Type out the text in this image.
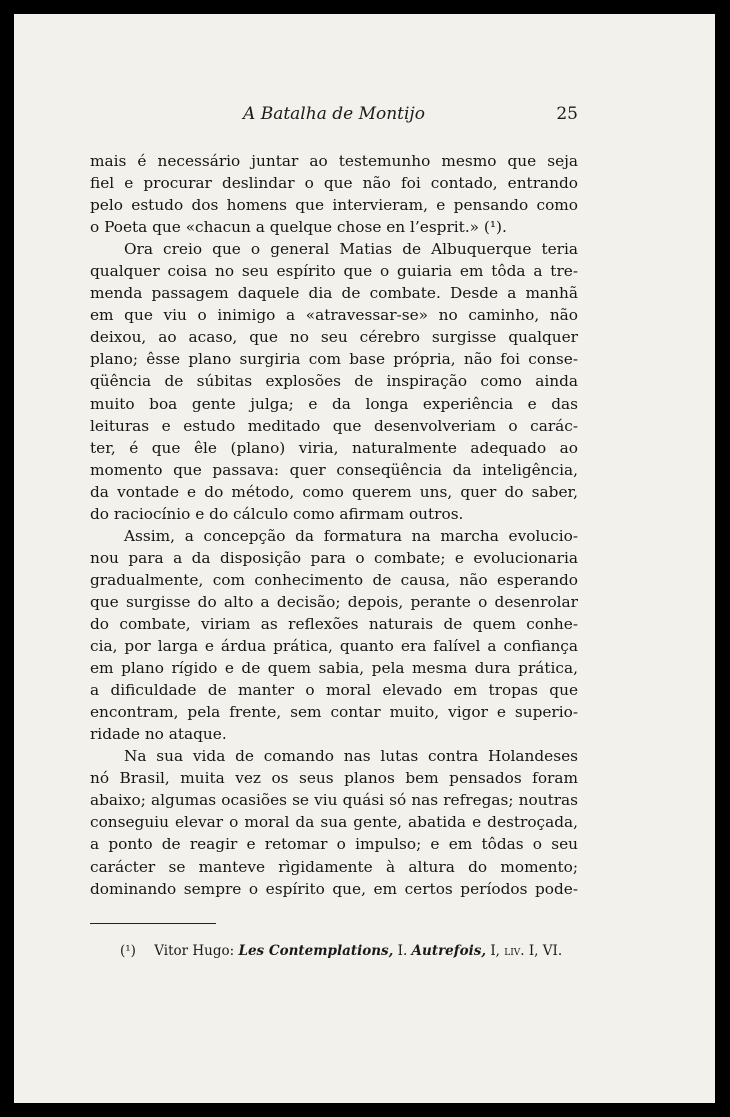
A Batalha de Montijo	25
mais é necessário juntar ao testemunho mesmo que seja
fiel e procurar deslindar o que não foi contado, entrando
pelo estudo dos homens que intervieram, e pensando como
o Poeta que «chacun a quelque chose en l’esprit.» (¹).
Ora creio que o general Matias de Albuquerque teria
qualquer coisa no seu espírito que o guiaria em tôda a tre-
menda passagem daquele dia de combate. Desde a manhã
em que viu o inimigo a «atravessar-se» no caminho, não
deixou, ao acaso, que no seu cérebro surgisse qualquer
plano; êsse plano surgiria com base própria, não foi conse-
qüência de súbitas explosões de inspiração como ainda
muito boa gente julga; e da longa experiência e das
leituras e estudo meditado que desenvolveriam o carác-
ter, é que êle (plano) viria, naturalmente adequado ao
momento que passava: quer conseqüência da inteligência,
da vontade e do método, como querem uns, quer do saber,
do raciocínio e do cálculo como afirmam outros.
Assim, a concepção da formatura na marcha evolucio-
nou para a da disposição para o combate; e evolucionaria
gradualmente, com conhecimento de causa, não esperando
que surgisse do alto a decisão; depois, perante o desenrolar
do combate, viriam as reflexões naturais de quem conhe-
cia, por larga e árdua prática, quanto era falível a confiança
em plano rígido e de quem sabia, pela mesma dura prática,
a dificuldade de manter o moral elevado em tropas que
encontram, pela frente, sem contar muito, vigor e superio-
ridade no ataque.
Na sua vida de comando nas lutas contra Holandeses
nó Brasil, muita vez os seus planos bem pensados foram
abaixo; algumas ocasiões se viu quási só nas refregas; noutras
conseguiu elevar o moral da sua gente, abatida e destroçada,
a ponto de reagir e retomar o impulso; e em tôdas o seu
carácter se manteve rìgidamente à altura do momento;
dominando sempre o espírito que, em certos períodos pode-
(¹) Vitor Hugo: Les Contemplations, I. Autrefois, I, liv. I, VI.
